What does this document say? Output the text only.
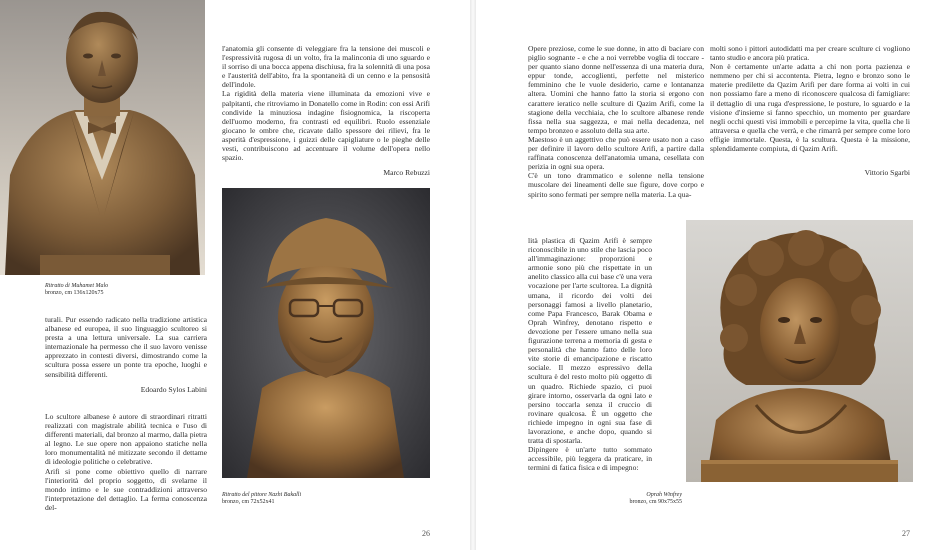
Ritratto di Muhamet Malo
bronzo, cm 136x120x75

turali. Pur essendo radicato nella tradizione artistica albanese ed europea, il suo linguaggio scultoreo si presta a una lettura universale. La sua carriera internazionale ha permesso che il suo lavoro venisse apprezzato in contesti diversi, dimostrando come la scultura possa essere un ponte tra epoche, luoghi e sensibilità differenti.

Edoardo Sylos Labini

Lo scultore albanese è autore di straordinari ritratti realizzati con magistrale abilità tecnica e l'uso di differenti materiali, dal bronzo al marmo, dalla pietra al legno. Le sue opere non appaiono statiche nella loro monumentalità né mitizzate secondo il dettame di ideologie politiche o celebrative.

Arifi si pone come obiettivo quello di narrare l'interiorità del proprio soggetto, di svelarne il mondo intimo e le sue contraddizioni attraverso l'interpretazione del dettaglio. La ferma conoscenza del-

l'anatomia gli consente di veleggiare fra la tensione dei muscoli e l'espressività rugosa di un volto, fra la malinconia di uno sguardo e il sorriso di una bocca appena dischiusa, fra la solennità di una posa e l'austerità dell'abito, fra la spontaneità di un cenno e la pensosità dell'indole.

La rigidità della materia viene illuminata da emozioni vive e palpitanti, che ritroviamo in Donatello come in Rodin: con essi Arifi condivide la minuziosa indagine fisiognomica, la riscoperta dell'uomo moderno, fra contrasti ed equilibri. Ruolo essenziale giocano le ombre che, ricavate dallo spessore dei rilievi, fra le asperità d'espressione, i guizzi delle capigliature o le pieghe delle vesti, contribuiscono ad accentuare il volume dell'opera nello spazio.

Marco Rebuzzi
Ritratto del pittore Nazhi Bakalli
bronzo, cm 72x52x41
26

Opere preziose, come le sue donne, in atto di baciare con piglio sognante - e che a noi verrebbe voglia di toccare - per quanto siano donne nell'essenza di una materia dura, eppur tonde, accoglienti, perfette nel misterico femminino che le vuole desiderio, carne e lontananza altera. Uomini che hanno fatto la storia si ergono con carattere ieratico nelle sculture di Qazim Arifi, come la stagione della vecchiaia, che lo scultore albanese rende fissa nella sua saggezza, e mai nella decadenza, nel tempo bronzeo e assoluto della sua arte.

Maestoso è un aggettivo che può essere usato non a caso per definire il lavoro dello scultore Arifi, a partire dalla raffinata conoscenza dell'anatomia umana, cesellata con perizia in ogni sua opera.

C'è un tono drammatico e solenne nella tensione muscolare dei lineamenti delle sue figure, dove corpo e spirito sono fermati per sempre nella materia. La qua-

lità plastica di Qazim Arifi è sempre riconoscibile in uno stile che lascia poco all'immaginazione: proporzioni e armonie sono più che rispettate in un anelito classico alla cui base c'è una vera vocazione per l'arte scultorea. La dignità umana, il ricordo dei volti dei personaggi famosi a livello planetario, come Papa Francesco, Barak Obama e Oprah Winfrey, denotano rispetto e devozione per l'essere umano nella sua figurazione terrena a memoria di gesta e personalità che hanno fatto delle loro vite storie di emancipazione e riscatto sociale. Il mezzo espressivo della scultura è del resto molto più oggetto di un quadro. Richiede spazio, ci puoi girare intorno, osservarla da ogni lato e persino toccarla senza il cruccio di rovinare qualcosa. È un oggetto che richiede impegno in ogni sua fase di lavorazione, e anche dopo, quando si tratta di spostarla.

Dipingere è un'arte tutto sommato accessibile, più leggera da praticare, in termini di fatica fisica e di impegno:

molti sono i pittori autodidatti ma per creare sculture ci vogliono tanto studio e ancora più pratica.

Non è certamente un'arte adatta a chi non porta pazienza e nemmeno per chi si accontenta. Pietra, legno e bronzo sono le materie predilette da Qazim Arifi per dare forma ai volti in cui non possiamo fare a meno di riconoscere qualcosa di famigliare: il dettaglio di una ruga d'espressione, le posture, lo sguardo e la visione d'insieme si fanno specchio, un momento per guardare negli occhi questi visi immobili e percepirne la vita, quella che li attraversa e quella che verrà, e che rimarrà per sempre come loro effigie immortale. Questa, è la scultura. Questa è la missione, splendidamente compiuta, di Qazim Arifi.

Vittorio Sgarbi
Oprah Winfrey
bronzo, cm 90x75x55
27
